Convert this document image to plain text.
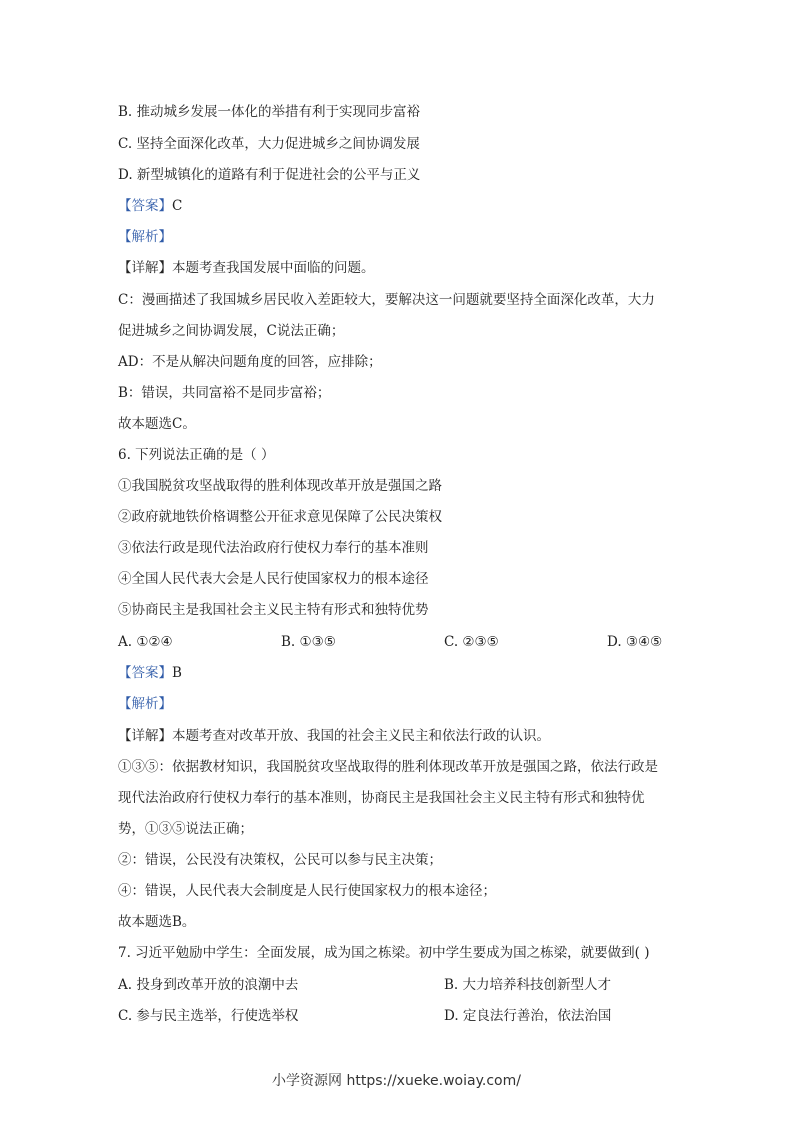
B. 推动城乡发展一体化的举措有利于实现同步富裕
C. 坚持全面深化改革，大力促进城乡之间协调发展
D. 新型城镇化的道路有利于促进社会的公平与正义
【答案】C
【解析】
【详解】本题考查我国发展中面临的问题。
C：漫画描述了我国城乡居民收入差距较大，要解决这一问题就要坚持全面深化改革，大力
促进城乡之间协调发展，C说法正确；
AD：不是从解决问题角度的回答，应排除；
B：错误，共同富裕不是同步富裕；
故本题选C。
6. 下列说法正确的是（ ）
①我国脱贫攻坚战取得的胜利体现改革开放是强国之路
②政府就地铁价格调整公开征求意见保障了公民决策权
③依法行政是现代法治政府行使权力奉行的基本准则
④全国人民代表大会是人民行使国家权力的根本途径
⑤协商民主是我国社会主义民主特有形式和独特优势
A. ①②④	B. ①③⑤	C. ②③⑤	D. ③④⑤
【答案】B
【解析】
【详解】本题考查对改革开放、我国的社会主义民主和依法行政的认识。
①③⑤：依据教材知识，我国脱贫攻坚战取得的胜利体现改革开放是强国之路，依法行政是
现代法治政府行使权力奉行的基本准则，协商民主是我国社会主义民主特有形式和独特优
势，①③⑤说法正确；
②：错误，公民没有决策权，公民可以参与民主决策；
④：错误，人民代表大会制度是人民行使国家权力的根本途径；
故本题选B。
7. 习近平勉励中学生：全面发展，成为国之栋梁。初中学生要成为国之栋梁，就要做到( )
A. 投身到改革开放的浪潮中去	B. 大力培养科技创新型人才
C. 参与民主选举，行使选举权	D. 定良法行善治，依法治国
小学资源网 https://xueke.woiay.com/
